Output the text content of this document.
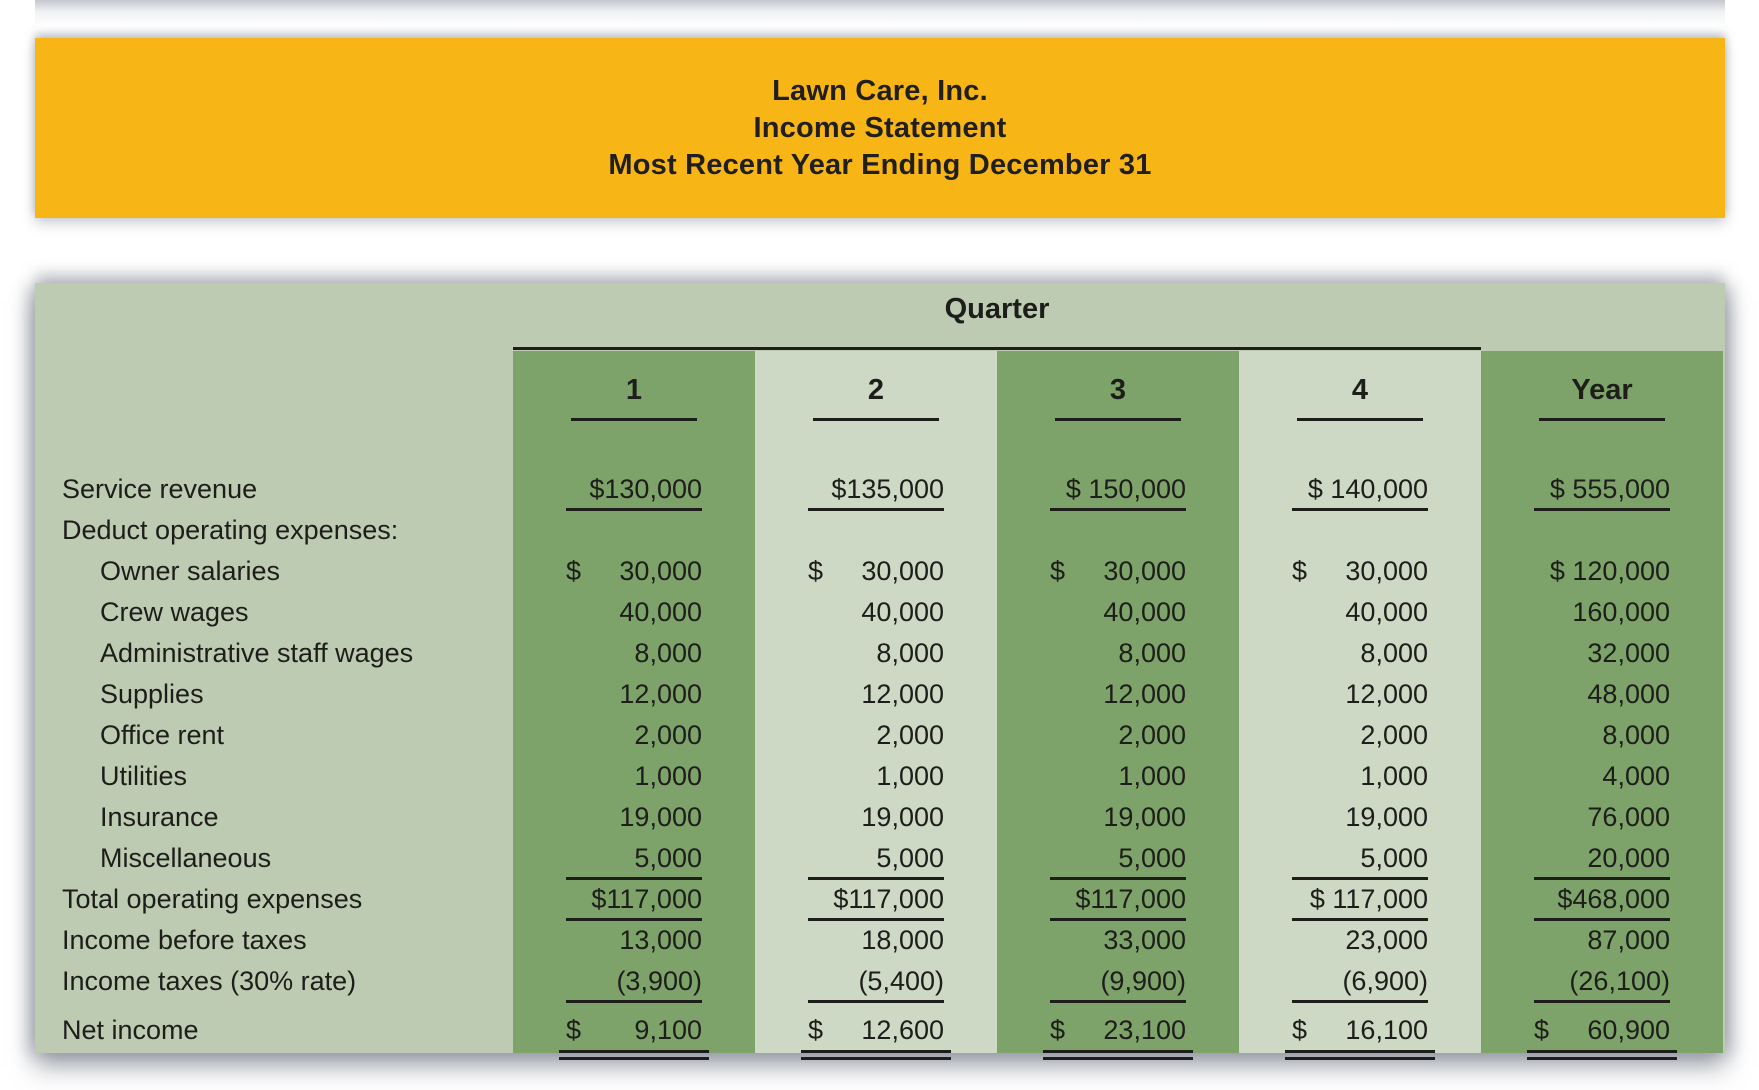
Lawn Care, Inc.
Income Statement
Most Recent Year Ending December 31
Quarter
1	2	3	4	Year
Service revenue	$130,000	$135,000	$ 150,000	$ 140,000	$ 555,000
Deduct operating expenses:
Owner salaries	$ 30,000	$ 30,000	$ 30,000	$ 30,000	$ 120,000
Crew wages	40,000	40,000	40,000	40,000	160,000
Administrative staff wages	8,000	8,000	8,000	8,000	32,000
Supplies	12,000	12,000	12,000	12,000	48,000
Office rent	2,000	2,000	2,000	2,000	8,000
Utilities	1,000	1,000	1,000	1,000	4,000
Insurance	19,000	19,000	19,000	19,000	76,000
Miscellaneous	5,000	5,000	5,000	5,000	20,000
Total operating expenses	$117,000	$117,000	$117,000	$ 117,000	$468,000
Income before taxes	13,000	18,000	33,000	23,000	87,000
Income taxes (30% rate)	(3,900)	(5,400)	(9,900)	(6,900)	(26,100)
Net income	$ 9,100	$ 12,600	$ 23,100	$ 16,100	$ 60,900
